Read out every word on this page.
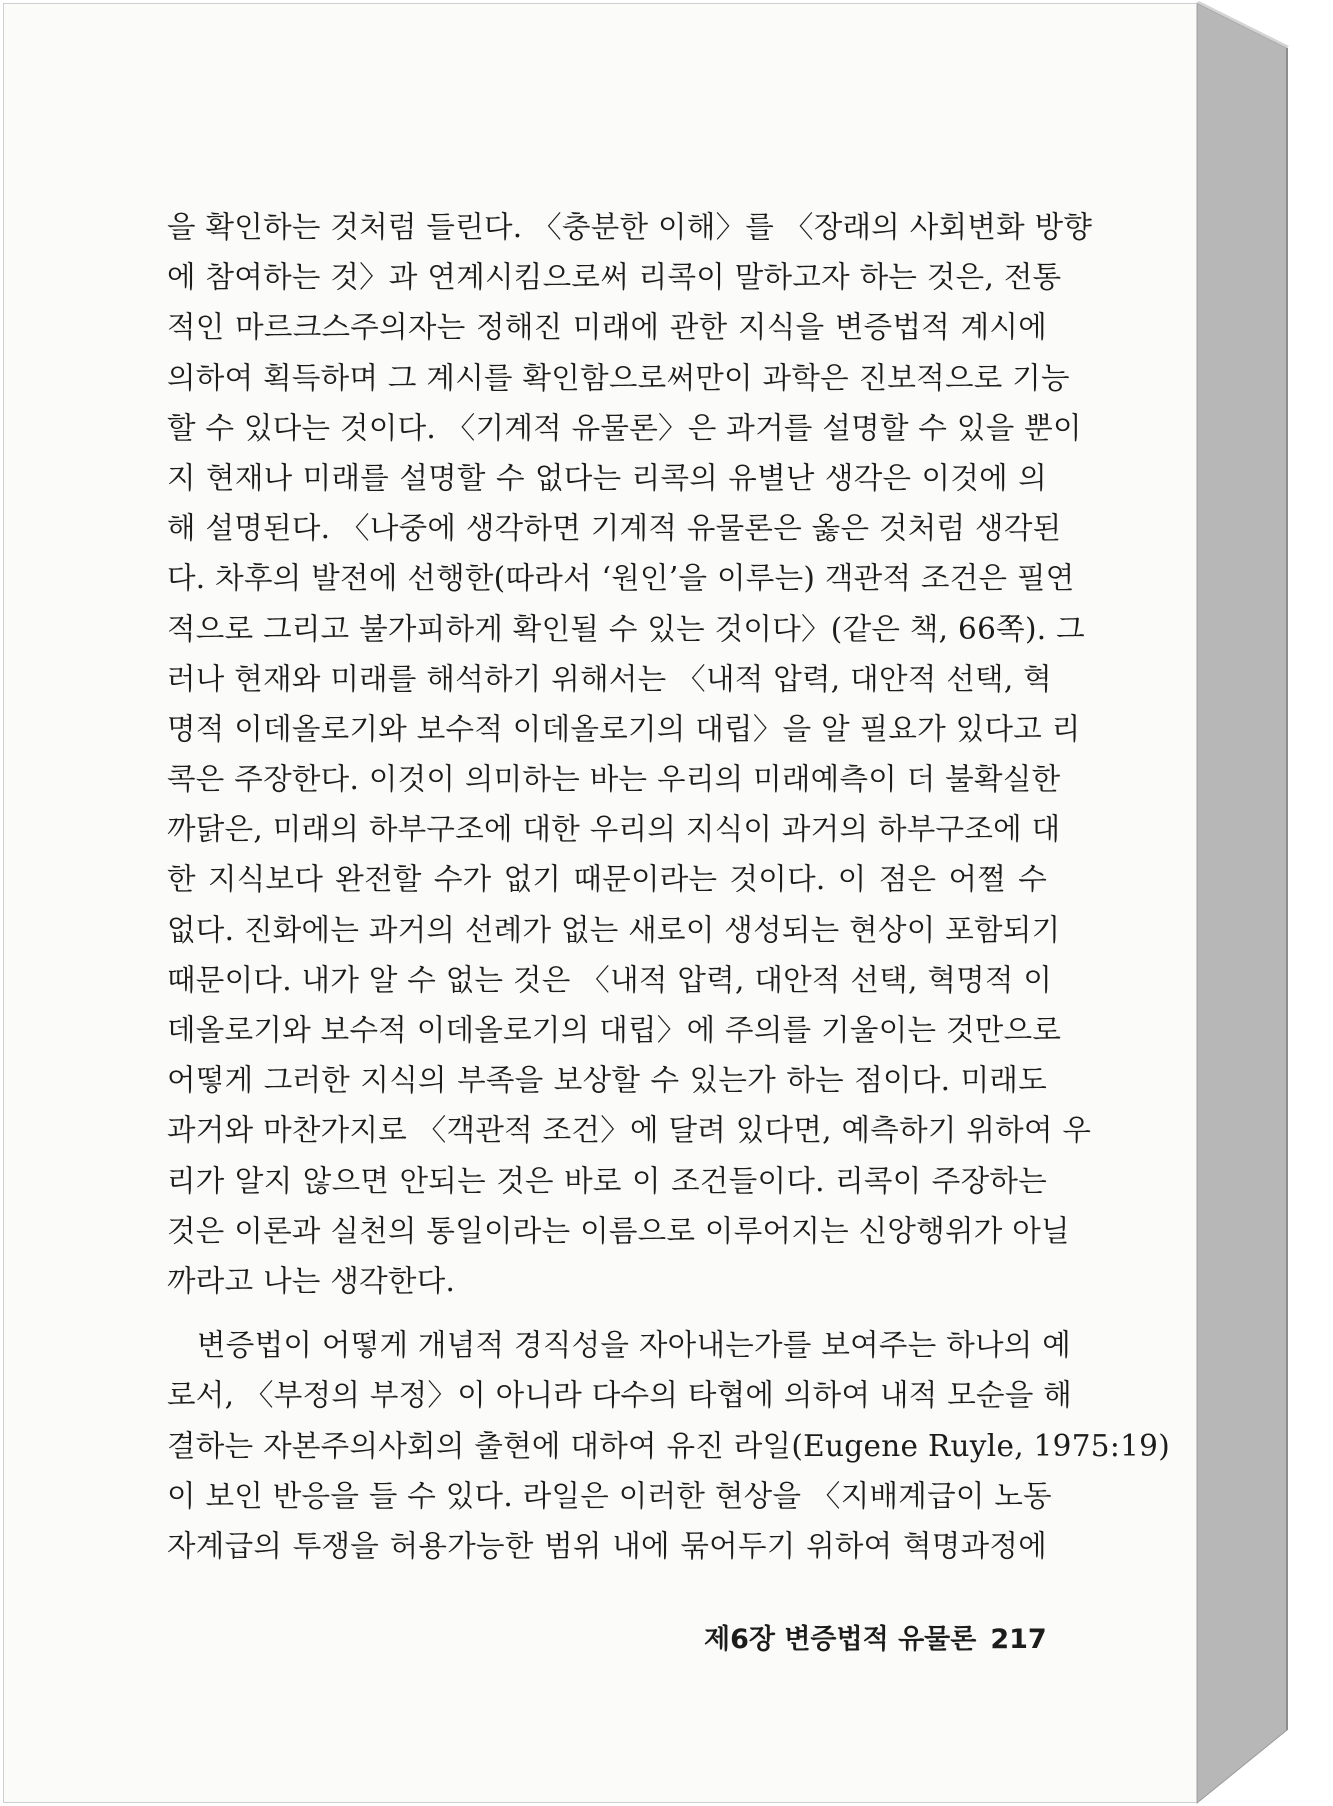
을 확인하는 것처럼 들린다. 〈충분한 이해〉를 〈장래의 사회변화 방향
에 참여하는 것〉과 연계시킴으로써 리콕이 말하고자 하는 것은, 전통
적인 마르크스주의자는 정해진 미래에 관한 지식을 변증법적 계시에
의하여 획득하며 그 계시를 확인함으로써만이 과학은 진보적으로 기능
할 수 있다는 것이다. 〈기계적 유물론〉은 과거를 설명할 수 있을 뿐이
지 현재나 미래를 설명할 수 없다는 리콕의 유별난 생각은 이것에 의
해 설명된다. 〈나중에 생각하면 기계적 유물론은 옳은 것처럼 생각된
다. 차후의 발전에 선행한(따라서 ‘원인’을 이루는) 객관적 조건은 필연
적으로 그리고 불가피하게 확인될 수 있는 것이다〉(같은 책, 66쪽). 그
러나 현재와 미래를 해석하기 위해서는 〈내적 압력, 대안적 선택, 혁
명적 이데올로기와 보수적 이데올로기의 대립〉을 알 필요가 있다고 리
콕은 주장한다. 이것이 의미하는 바는 우리의 미래예측이 더 불확실한
까닭은, 미래의 하부구조에 대한 우리의 지식이 과거의 하부구조에 대
한 지식보다 완전할 수가 없기 때문이라는 것이다. 이 점은 어쩔 수
없다. 진화에는 과거의 선례가 없는 새로이 생성되는 현상이 포함되기
때문이다. 내가 알 수 없는 것은 〈내적 압력, 대안적 선택, 혁명적 이
데올로기와 보수적 이데올로기의 대립〉에 주의를 기울이는 것만으로
어떻게 그러한 지식의 부족을 보상할 수 있는가 하는 점이다. 미래도
과거와 마찬가지로 〈객관적 조건〉에 달려 있다면, 예측하기 위하여 우
리가 알지 않으면 안되는 것은 바로 이 조건들이다. 리콕이 주장하는
것은 이론과 실천의 통일이라는 이름으로 이루어지는 신앙행위가 아닐
까라고 나는 생각한다.
변증법이 어떻게 개념적 경직성을 자아내는가를 보여주는 하나의 예
로서, 〈부정의 부정〉이 아니라 다수의 타협에 의하여 내적 모순을 해
결하는 자본주의사회의 출현에 대하여 유진 라일(Eugene Ruyle, 1975:19)
이 보인 반응을 들 수 있다. 라일은 이러한 현상을 〈지배계급이 노동
자계급의 투쟁을 허용가능한 범위 내에 묶어두기 위하여 혁명과정에
제6장 변증법적 유물론 217
